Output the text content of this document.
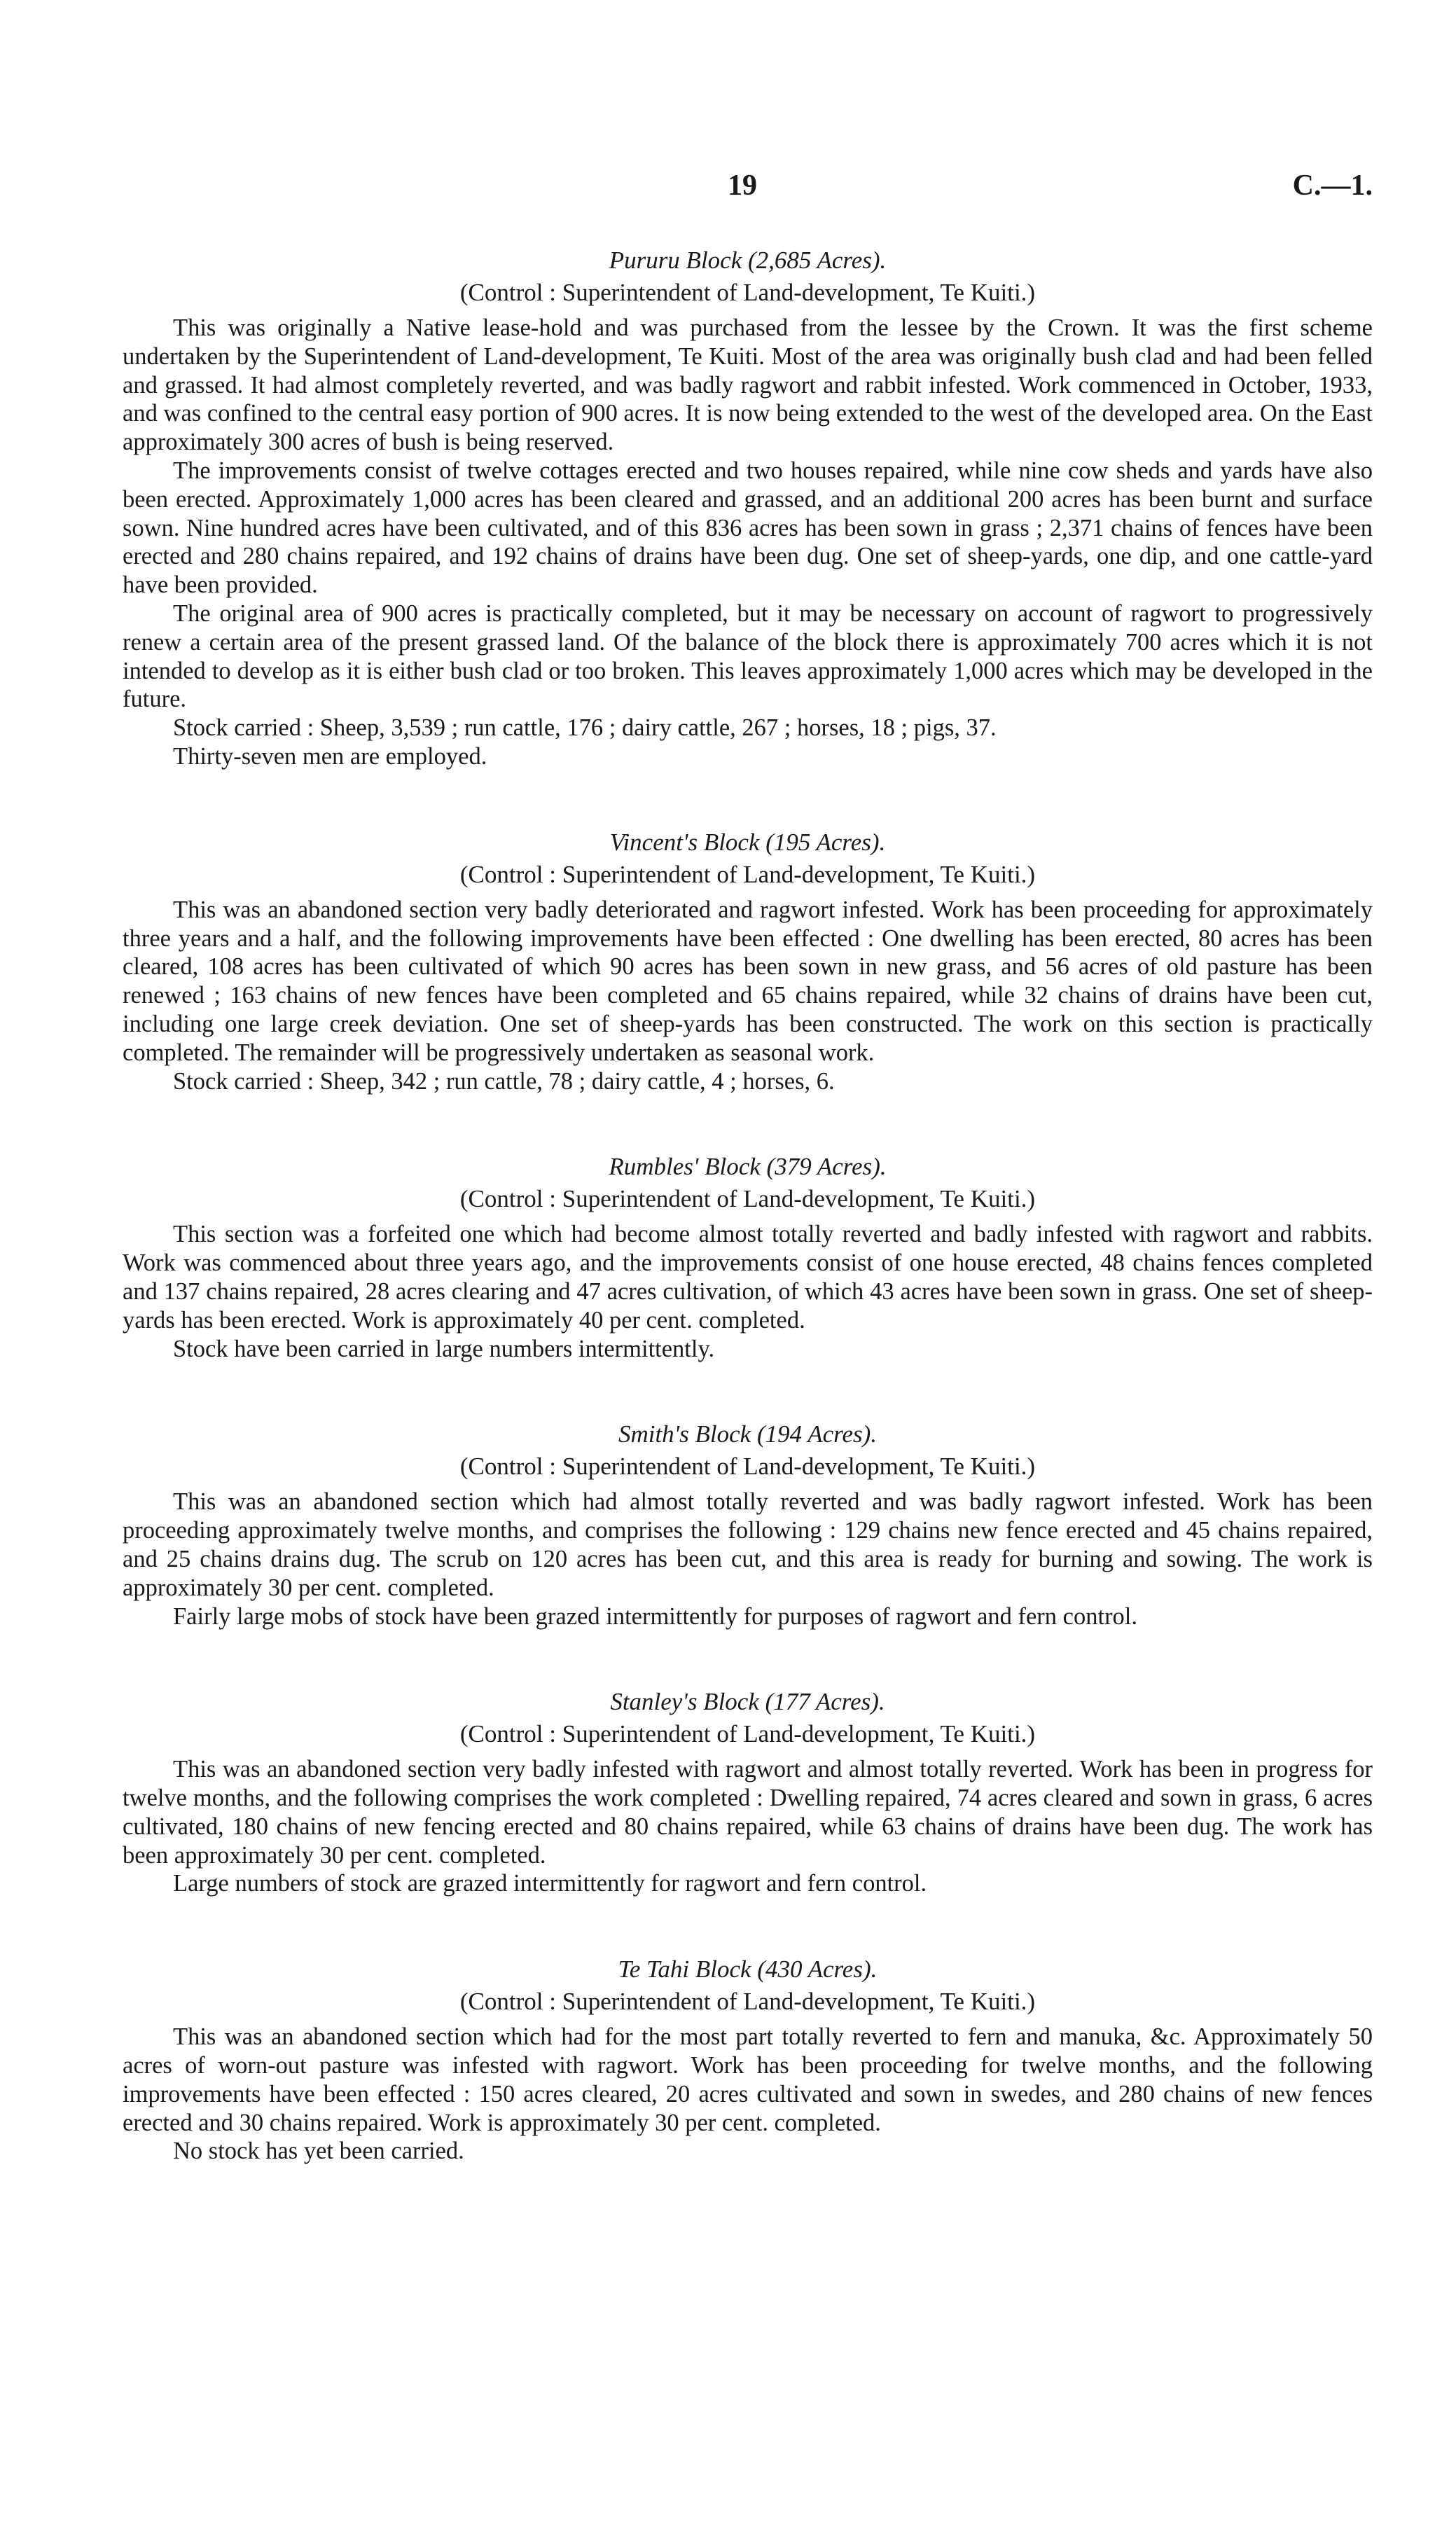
19	C.—1.
Pururu Block (2,685 Acres).
(Control : Superintendent of Land-development, Te Kuiti.)

This was originally a Native lease-hold and was purchased from the lessee by the Crown. It was the first scheme undertaken by the Superintendent of Land-development, Te Kuiti. Most of the area was originally bush clad and had been felled and grassed. It had almost completely reverted, and was badly ragwort and rabbit infested. Work commenced in October, 1933, and was confined to the central easy portion of 900 acres. It is now being extended to the west of the developed area. On the East approximately 300 acres of bush is being reserved.

The improvements consist of twelve cottages erected and two houses repaired, while nine cow sheds and yards have also been erected. Approximately 1,000 acres has been cleared and grassed, and an additional 200 acres has been burnt and surface sown. Nine hundred acres have been cultivated, and of this 836 acres has been sown in grass ; 2,371 chains of fences have been erected and 280 chains repaired, and 192 chains of drains have been dug. One set of sheep-yards, one dip, and one cattle-yard have been provided.

The original area of 900 acres is practically completed, but it may be necessary on account of ragwort to progressively renew a certain area of the present grassed land. Of the balance of the block there is approximately 700 acres which it is not intended to develop as it is either bush clad or too broken. This leaves approximately 1,000 acres which may be developed in the future.

Stock carried : Sheep, 3,539 ; run cattle, 176 ; dairy cattle, 267 ; horses, 18 ; pigs, 37.

Thirty-seven men are employed.

Vincent's Block (195 Acres).
(Control : Superintendent of Land-development, Te Kuiti.)

This was an abandoned section very badly deteriorated and ragwort infested. Work has been proceeding for approximately three years and a half, and the following improvements have been effected : One dwelling has been erected, 80 acres has been cleared, 108 acres has been cultivated of which 90 acres has been sown in new grass, and 56 acres of old pasture has been renewed ; 163 chains of new fences have been completed and 65 chains repaired, while 32 chains of drains have been cut, including one large creek deviation. One set of sheep-yards has been constructed. The work on this section is practically completed. The remainder will be progressively undertaken as seasonal work.

Stock carried : Sheep, 342 ; run cattle, 78 ; dairy cattle, 4 ; horses, 6.

Rumbles' Block (379 Acres).
(Control : Superintendent of Land-development, Te Kuiti.)

This section was a forfeited one which had become almost totally reverted and badly infested with ragwort and rabbits. Work was commenced about three years ago, and the improvements consist of one house erected, 48 chains fences completed and 137 chains repaired, 28 acres clearing and 47 acres cultivation, of which 43 acres have been sown in grass. One set of sheep-yards has been erected. Work is approximately 40 per cent. completed.

Stock have been carried in large numbers intermittently.

Smith's Block (194 Acres).
(Control : Superintendent of Land-development, Te Kuiti.)

This was an abandoned section which had almost totally reverted and was badly ragwort infested. Work has been proceeding approximately twelve months, and comprises the following : 129 chains new fence erected and 45 chains repaired, and 25 chains drains dug. The scrub on 120 acres has been cut, and this area is ready for burning and sowing. The work is approximately 30 per cent. completed.

Fairly large mobs of stock have been grazed intermittently for purposes of ragwort and fern control.

Stanley's Block (177 Acres).
(Control : Superintendent of Land-development, Te Kuiti.)

This was an abandoned section very badly infested with ragwort and almost totally reverted. Work has been in progress for twelve months, and the following comprises the work completed : Dwelling repaired, 74 acres cleared and sown in grass, 6 acres cultivated, 180 chains of new fencing erected and 80 chains repaired, while 63 chains of drains have been dug. The work has been approximately 30 per cent. completed.

Large numbers of stock are grazed intermittently for ragwort and fern control.

Te Tahi Block (430 Acres).
(Control : Superintendent of Land-development, Te Kuiti.)

This was an abandoned section which had for the most part totally reverted to fern and manuka, &c. Approximately 50 acres of worn-out pasture was infested with ragwort. Work has been proceeding for twelve months, and the following improvements have been effected : 150 acres cleared, 20 acres cultivated and sown in swedes, and 280 chains of new fences erected and 30 chains repaired. Work is approximately 30 per cent. completed.

No stock has yet been carried.
